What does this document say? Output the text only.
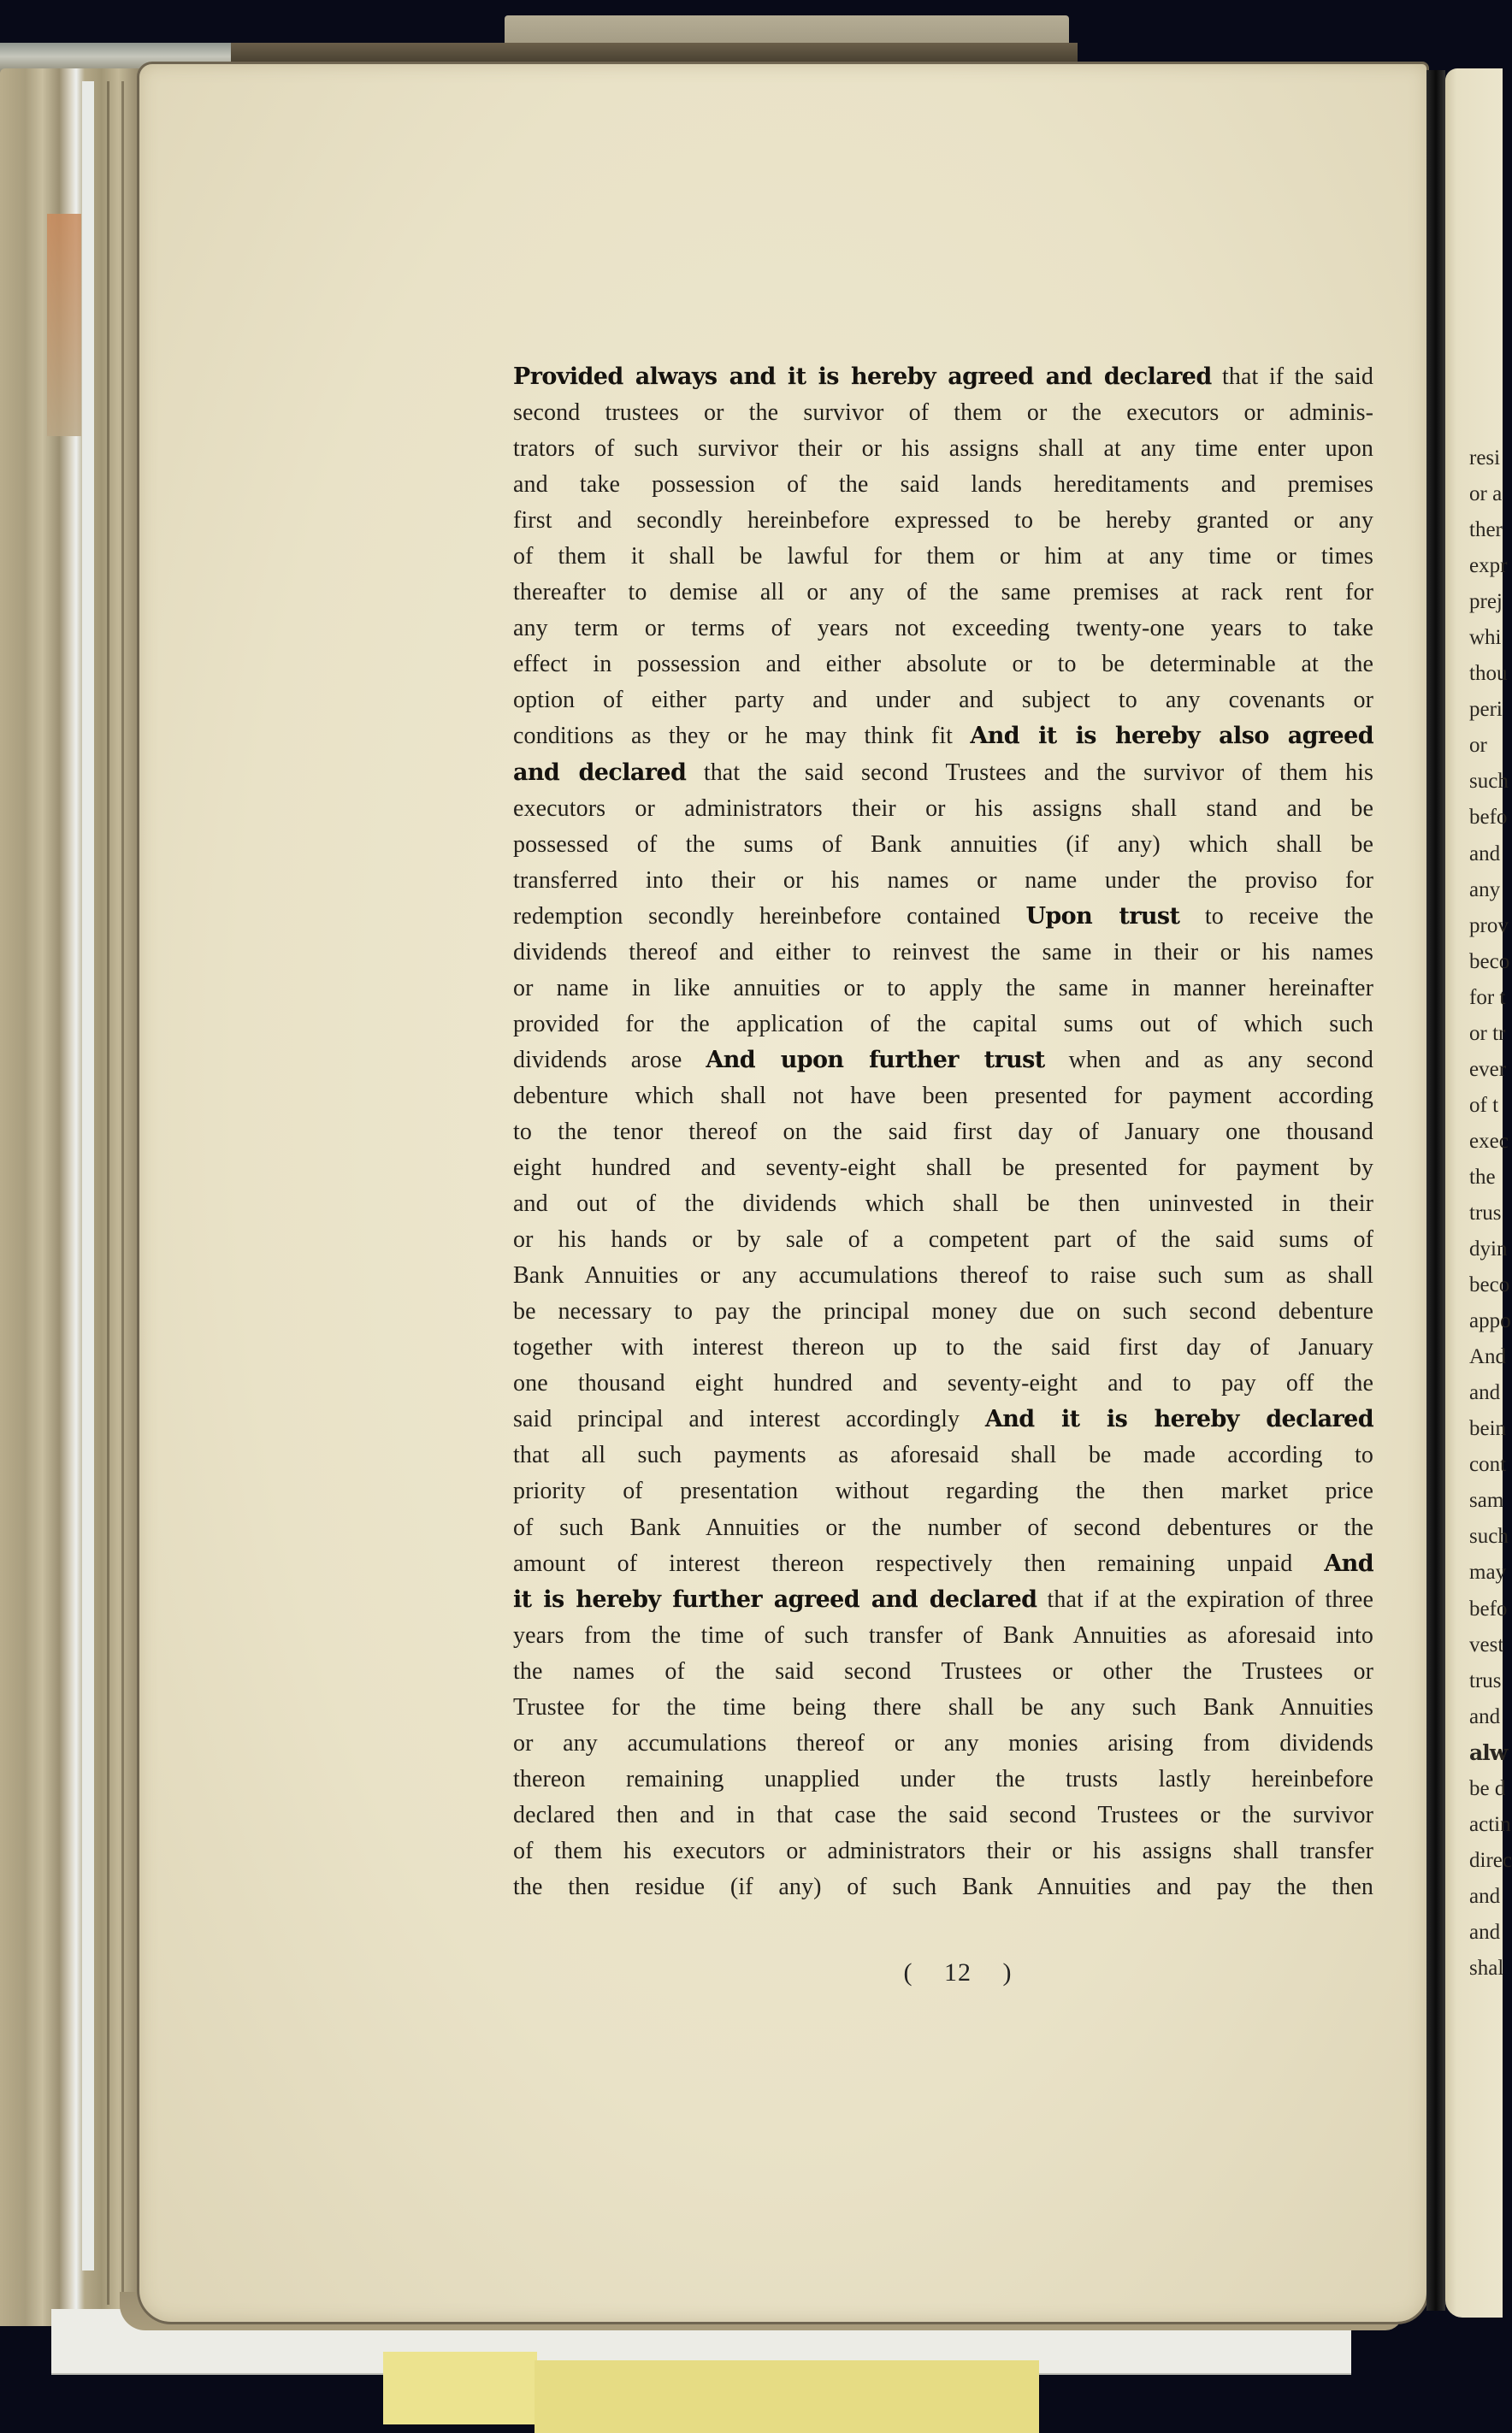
Provided always and it is hereby agreed and declared that if the said
second trustees or the survivor of them or the executors or adminis-
trators of such survivor their or his assigns shall at any time enter upon
and take possession of the said lands hereditaments and premises
first and secondly hereinbefore expressed to be hereby granted or any
of them it shall be lawful for them or him at any time or times
thereafter to demise all or any of the same premises at rack rent for
any term or terms of years not exceeding twenty-one years to take
effect in possession and either absolute or to be determinable at the
option of either party and under and subject to any covenants or
conditions as they or he may think fit And it is hereby also agreed
and declared that the said second Trustees and the survivor of them his
executors or administrators their or his assigns shall stand and be
possessed of the sums of Bank annuities (if any) which shall be
transferred into their or his names or name under the proviso for
redemption secondly hereinbefore contained Upon trust to receive the
dividends thereof and either to reinvest the same in their or his names
or name in like annuities or to apply the same in manner hereinafter
provided for the application of the capital sums out of which such
dividends arose And upon further trust when and as any second
debenture which shall not have been presented for payment according
to the tenor thereof on the said first day of January one thousand
eight hundred and seventy-eight shall be presented for payment by
and out of the dividends which shall be then uninvested in their
or his hands or by sale of a competent part of the said sums of
Bank Annuities or any accumulations thereof to raise such sum as shall
be necessary to pay the principal money due on such second debenture
together with interest thereon up to the said first day of January
one thousand eight hundred and seventy-eight and to pay off the
said principal and interest accordingly And it is hereby declared
that all such payments as aforesaid shall be made according to
priority of presentation without regarding the then market price
of such Bank Annuities or the number of second debentures or the
amount of interest thereon respectively then remaining unpaid And
it is hereby further agreed and declared that if at the expiration of three
years from the time of such transfer of Bank Annuities as aforesaid into
the names of the said second Trustees or other the Trustees or
Trustee for the time being there shall be any such Bank Annuities
or any accumulations thereof or any monies arising from dividends
thereon remaining unapplied under the trusts lastly hereinbefore
declared then and in that case the said second Trustees or the survivor
of them his executors or administrators their or his assigns shall transfer
the then residue (if any) of such Bank Annuities and pay the then
( 12 )
resi
or a
ther
expr
prej
whi
thou
peri
or
such
befo
and
any
prov
beco
for t
or tr
ever
of t
exec
the
trus
dyin
beco
appo
And
and
bein
cont
sam
such
may
befo
vest
trus
and
alw
be d
actin
direc
and
and
shal
